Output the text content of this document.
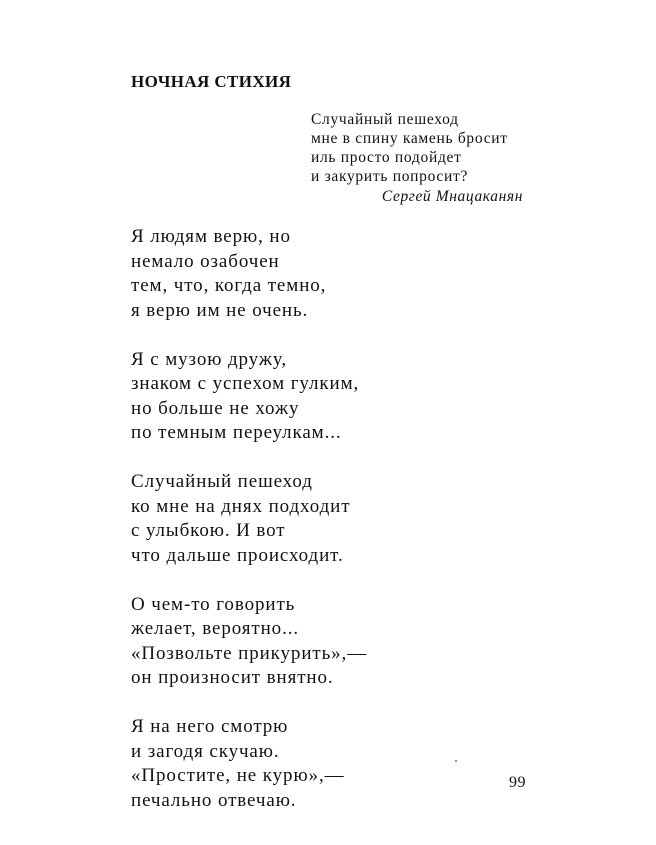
НОЧНАЯ СТИХИЯ
Случайный пешеход
мне в спину камень бросит
иль просто подойдет
и закурить попросит?
Сергей Мнацаканян
Я людям верю, но
немало озабочен
тем, что, когда темно,
я верю им не очень.
Я с музою дружу,
знаком с успехом гулким,
но больше не хожу
по темным переулкам...
Случайный пешеход
ко мне на днях подходит
с улыбкою. И вот
что дальше происходит.
О чем-то говорить
желает, вероятно...
«Позвольте прикурить»,—
он произносит внятно.
Я на него смотрю
и загодя скучаю.
«Простите, не курю»,—
печально отвечаю.
99
